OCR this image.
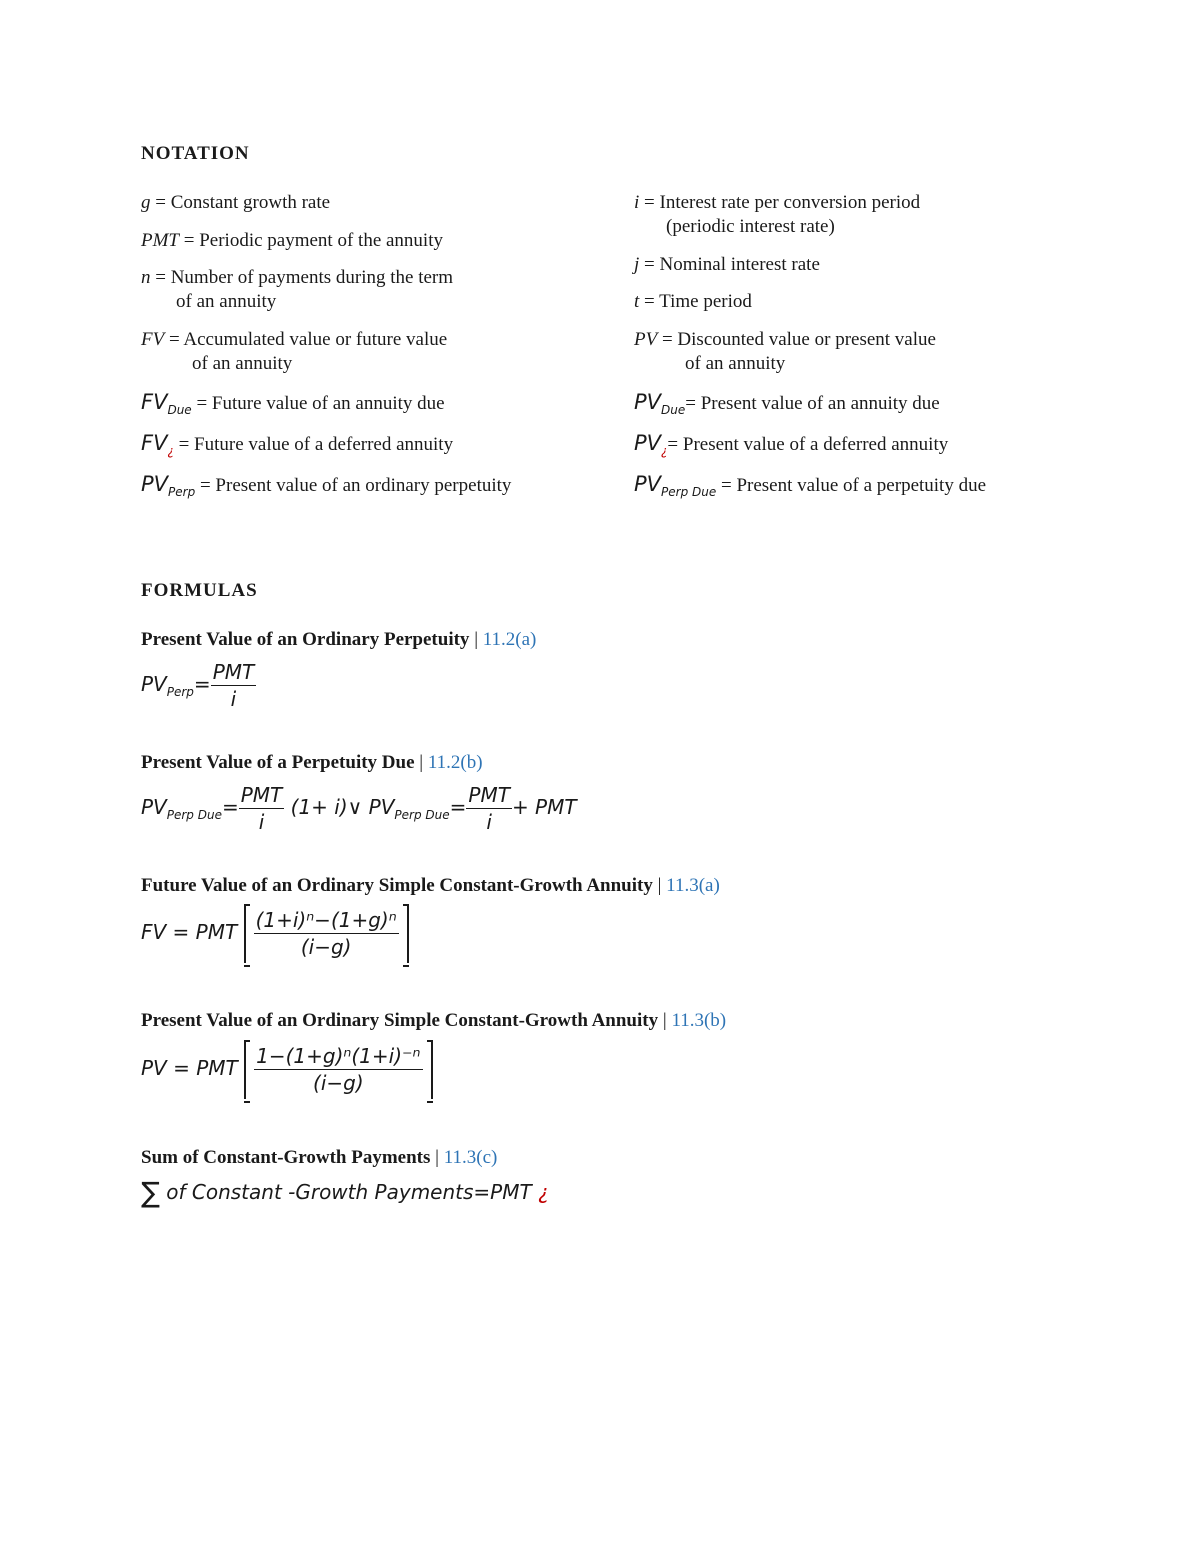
NOTATION
g = Constant growth rate
PMT = Periodic payment of the annuity
n = Number of payments during the term
of an annuity
FV = Accumulated value or future value
of an annuity
$FV_{Due}$ = Future value of an annuity due
$FV_¿$ = Future value of a deferred annuity
$PV_{Perp}$ = Present value of an ordinary perpetuity
i = Interest rate per conversion period
(periodic interest rate)
j = Nominal interest rate
t = Time period
PV = Discounted value or present value
of an annuity
$PV_{Due}=$ Present value of an annuity due
$PV_¿=$ Present value of a deferred annuity
$PV_{Perp Due}$ = Present value of a perpetuity due
FORMULAS
Present Value of an Ordinary Perpetuity | 11.2(a)
$PV_{Perp}= \frac{\text{PMT}}{i}$
Present Value of a Perpetuity Due | 11.2(b)
$PV_{Perp Due}= \frac{\text{PMT}}{i} (1+$ i)∨ $PV_{Perp Due}= \frac{\text{PMT}}{i}$ + PMT
Future Value of an Ordinary Simple Constant-Growth Annuity | 11.3(a)
FV = PMT $\frac{\text{(1+i)ⁿ−(1+g)ⁿ}}{(i-g)}$
Present Value of an Ordinary Simple Constant-Growth Annuity | 11.3(b)
PV = PMT $\frac{\text{1−(1+g)ⁿ(1+i)⁻ⁿ}}{(i-g)}$
Sum of Constant-Growth Payments | 11.3(c)
∑ of Constant -Growth Payments=PMT ¿
